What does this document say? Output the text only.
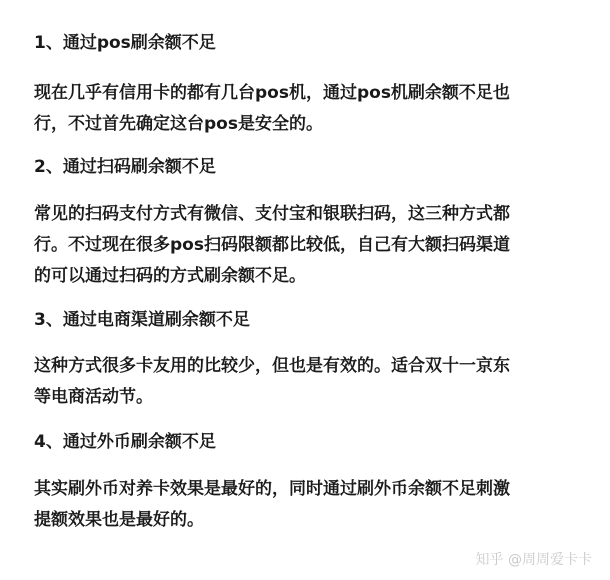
1、通过pos刷余额不足

现在几乎有信用卡的都有几台pos机，通过pos机刷余额不足也
行，不过首先确定这台pos是安全的。

2、通过扫码刷余额不足

常见的扫码支付方式有微信、支付宝和银联扫码，这三种方式都
行。不过现在很多pos扫码限额都比较低，自己有大额扫码渠道
的可以通过扫码的方式刷余额不足。

3、通过电商渠道刷余额不足

这种方式很多卡友用的比较少，但也是有效的。适合双十一京东
等电商活动节。

4、通过外币刷余额不足

其实刷外币对养卡效果是最好的，同时通过刷外币余额不足刺激
提额效果也是最好的。

知乎 @周周爱卡卡
